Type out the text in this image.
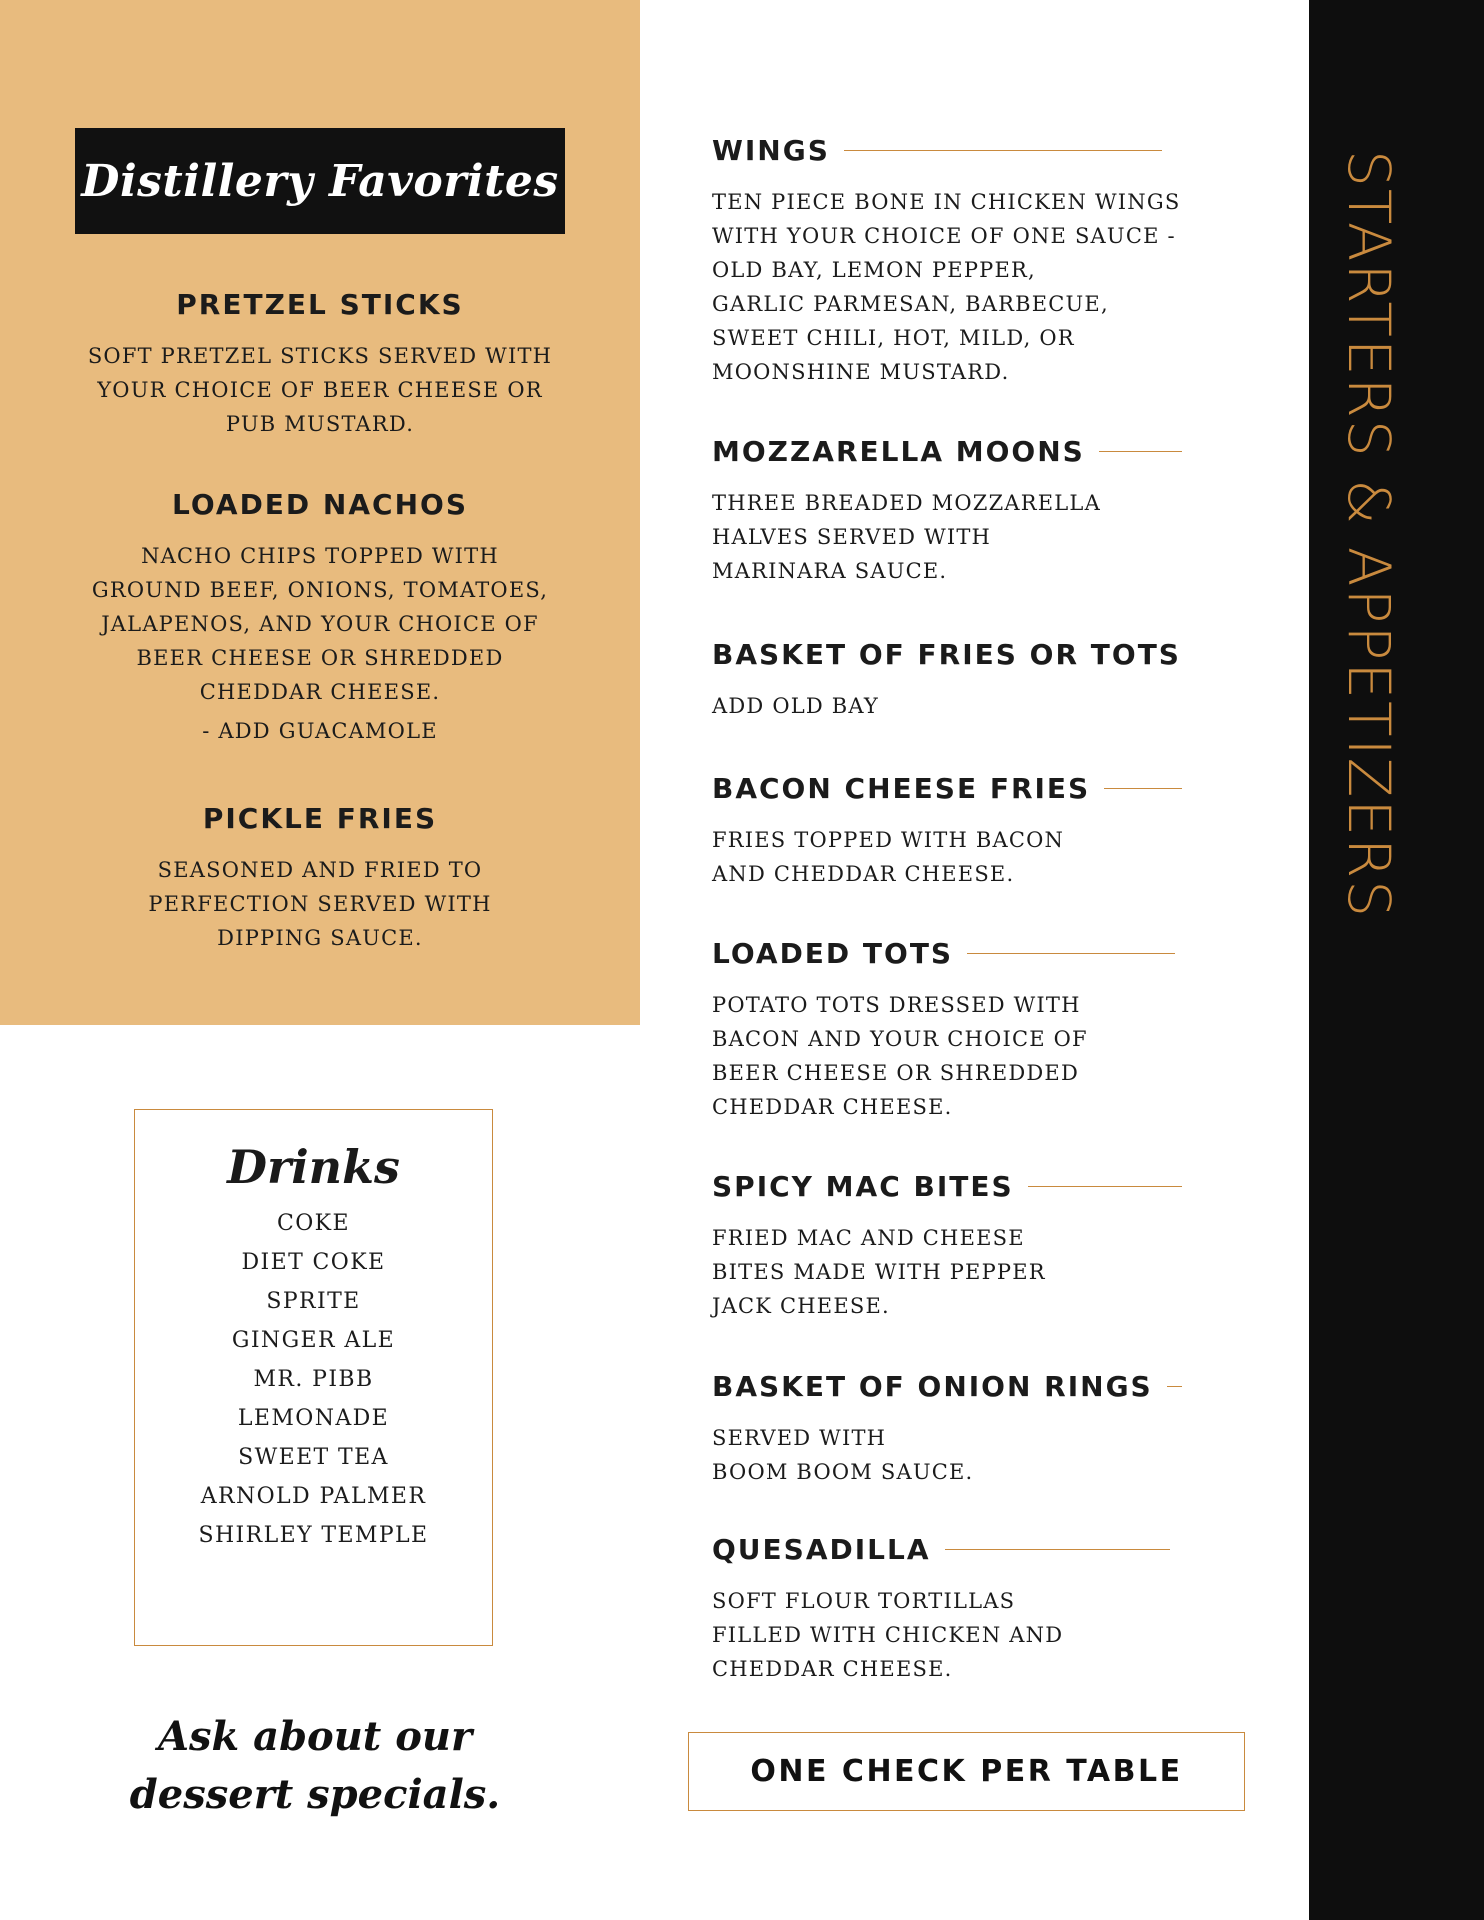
STARTERS & APPETIZERS
Distillery Favorites
PRETZEL STICKS

SOFT PRETZEL STICKS SERVED WITH
YOUR CHOICE OF BEER CHEESE OR
PUB MUSTARD.

LOADED NACHOS

NACHO CHIPS TOPPED WITH
GROUND BEEF, ONIONS, TOMATOES,
JALAPENOS, AND YOUR CHOICE OF
BEER CHEESE OR SHREDDED
CHEDDAR CHEESE.

- ADD GUACAMOLE
PICKLE FRIES

SEASONED AND FRIED TO
PERFECTION SERVED WITH
DIPPING SAUCE.

WINGS

TEN PIECE BONE IN CHICKEN WINGS
WITH YOUR CHOICE OF ONE SAUCE -
OLD BAY, LEMON PEPPER,
GARLIC PARMESAN, BARBECUE,
SWEET CHILI, HOT, MILD, OR
MOONSHINE MUSTARD.

MOZZARELLA MOONS

THREE BREADED MOZZARELLA
HALVES SERVED WITH
MARINARA SAUCE.

BASKET OF FRIES OR TOTS

ADD OLD BAY

BACON CHEESE FRIES

FRIES TOPPED WITH BACON
AND CHEDDAR CHEESE.

LOADED TOTS

POTATO TOTS DRESSED WITH
BACON AND YOUR CHOICE OF
BEER CHEESE OR SHREDDED
CHEDDAR CHEESE.

SPICY MAC BITES

FRIED MAC AND CHEESE
BITES MADE WITH PEPPER
JACK CHEESE.

BASKET OF ONION RINGS

SERVED WITH
BOOM BOOM SAUCE.

QUESADILLA

SOFT FLOUR TORTILLAS
FILLED WITH CHICKEN AND
CHEDDAR CHEESE.

Drinks
COKE
DIET COKE
SPRITE
GINGER ALE
MR. PIBB
LEMONADE
SWEET TEA
ARNOLD PALMER
SHIRLEY TEMPLE
Ask about our
dessert specials.	ONE CHECK PER TABLE
